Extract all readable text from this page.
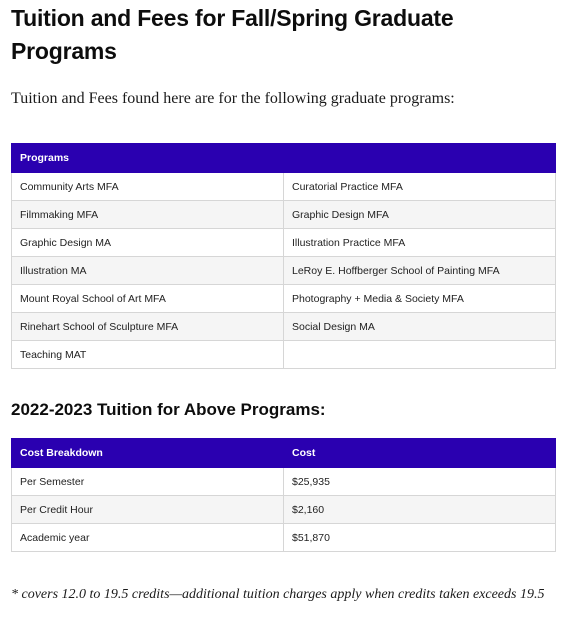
Tuition and Fees for Fall/Spring Graduate Programs

Tuition and Fees found here are for the following graduate programs:

Programs	
Community Arts MFA	Curatorial Practice MFA
Filmmaking MFA	Graphic Design MFA
Graphic Design MA	Illustration Practice MFA
Illustration MA	LeRoy E. Hoffberger School of Painting MFA
Mount Royal School of Art MFA	Photography + Media & Society MFA
Rinehart School of Sculpture MFA	Social Design MA
Teaching MAT	
2022-2023 Tuition for Above Programs:
Cost Breakdown	Cost
Per Semester	$25,935
Per Credit Hour	$2,160
Academic year	$51,870

* covers 12.0 to 19.5 credits—additional tuition charges apply when credits taken exceeds 19.5
